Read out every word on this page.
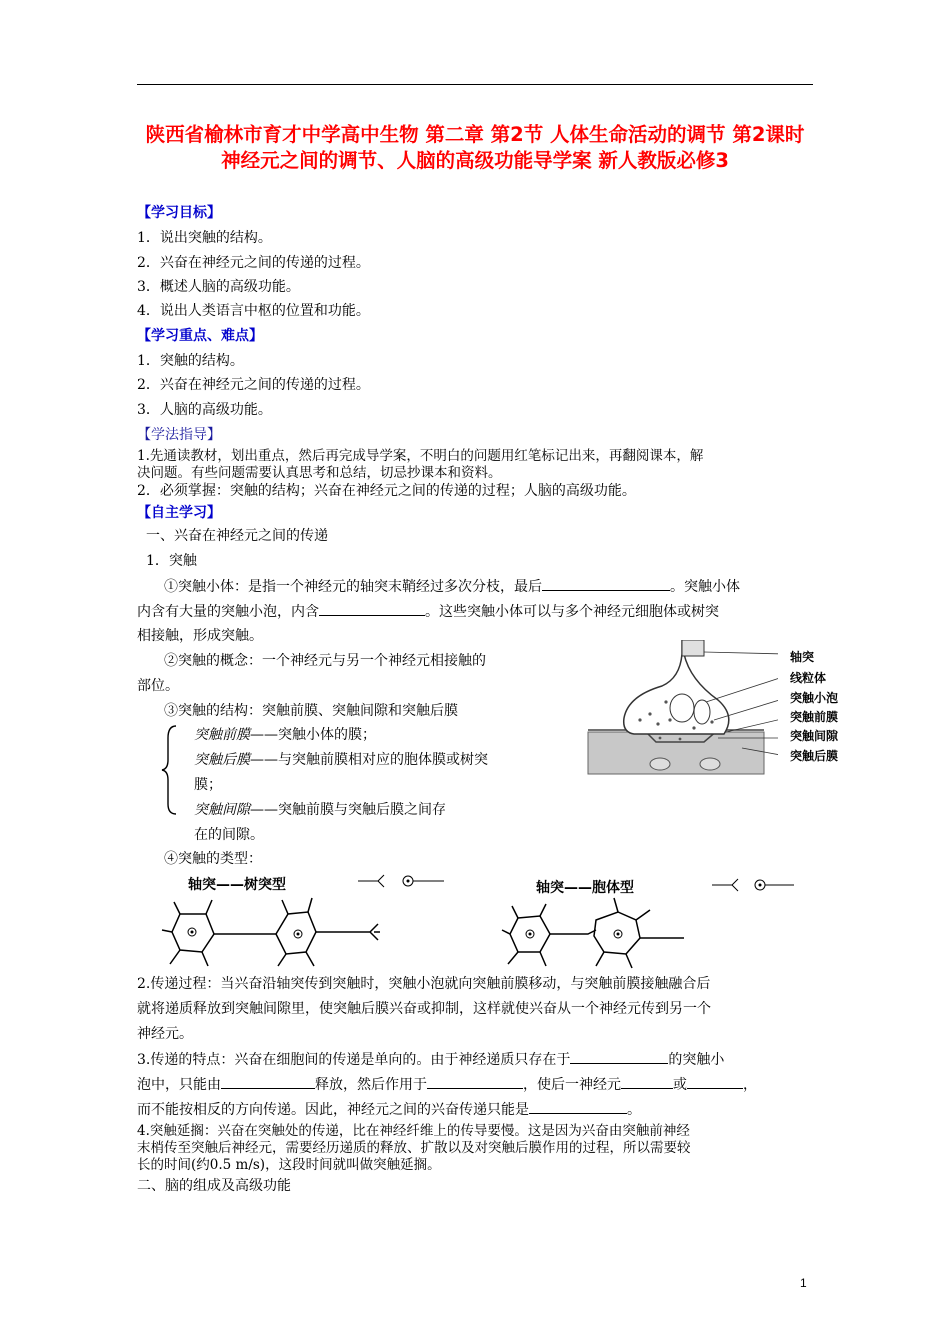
陕西省榆林市育才中学高中生物 第二章 第2节 人体生命活动的调节 第2课时 神经元之间的调节、人脑的高级功能导学案 新人教版必修3
【学习目标】
1．说出突触的结构。
2．兴奋在神经元之间的传递的过程。
3．概述人脑的高级功能。
4．说出人类语言中枢的位置和功能。
【学习重点、难点】
1．突触的结构。
2．兴奋在神经元之间的传递的过程。
3．人脑的高级功能。
【学法指导】
1.先通读教材，划出重点，然后再完成导学案，不明白的问题用红笔标记出来，再翻阅课本，解
决问题。有些问题需要认真思考和总结，切忌抄课本和资料。
2．必须掌握：突触的结构；兴奋在神经元之间的传递的过程；人脑的高级功能。
【自主学习】
一、兴奋在神经元之间的传递
1．突触
①突触小体：是指一个神经元的轴突末鞘经过多次分枝，最后	。突触小体
内含有大量的突触小泡，内含	。这些突触小体可以与多个神经元细胞体或树突
相接触，形成突触。
②突触的概念：一个神经元与另一个神经元相接触的
部位。
③突触的结构：突触前膜、突触间隙和突触后膜
突触前膜——突触小体的膜；
突触后膜——与突触前膜相对应的胞体膜或树突
膜；
突触间隙——突触前膜与突触后膜之间存
在的间隙。
轴突
线粒体
突触小泡
突触前膜
突触间隙
突触后膜
④突触的类型：
轴突——树突型	轴突——胞体型
2.传递过程：当兴奋沿轴突传到突触时，突触小泡就向突触前膜移动，与突触前膜接触融合后
就将递质释放到突触间隙里，使突触后膜兴奋或抑制，这样就使兴奋从一个神经元传到另一个
神经元。
3.传递的特点：兴奋在细胞间的传递是单向的。由于神经递质只存在于	的突触小
泡中，只能由	释放，然后作用于	，使后一神经元	或	，
而不能按相反的方向传递。因此，神经元之间的兴奋传递只能是	。
4.突触延搁：兴奋在突触处的传递，比在神经纤维上的传导要慢。这是因为兴奋由突触前神经
末梢传至突触后神经元，需要经历递质的释放、扩散以及对突触后膜作用的过程，所以需要较
长的时间(约0.5 m/s)，这段时间就叫做突触延搁。
二、脑的组成及高级功能
1
